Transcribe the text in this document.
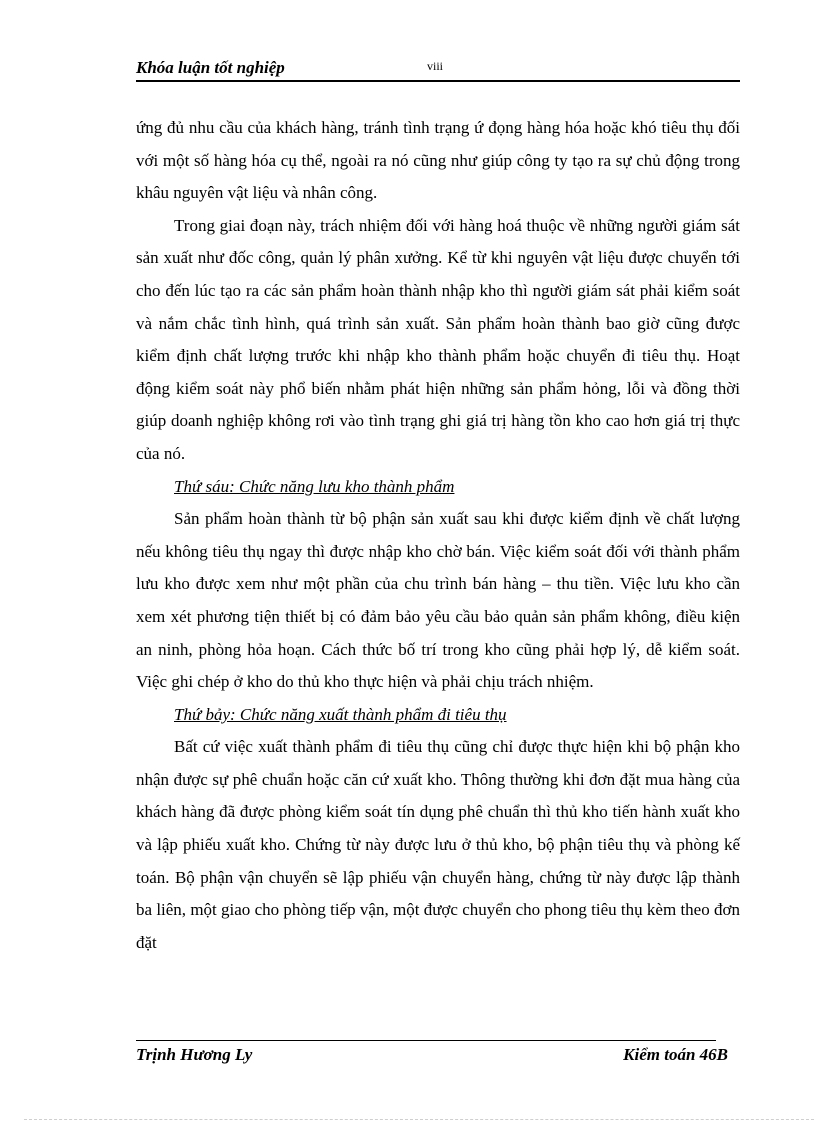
Khóa luận tốt nghiệp	viii

ứng đủ nhu cầu của khách hàng, tránh tình trạng ứ đọng hàng hóa hoặc khó tiêu thụ đối với một số hàng hóa cụ thể, ngoài ra nó cũng như giúp công ty tạo ra sự chủ động trong khâu nguyên vật liệu và nhân công.

Trong giai đoạn này, trách nhiệm đối với hàng hoá thuộc về những người giám sát sản xuất như đốc công, quản lý phân xưởng. Kể từ khi nguyên vật liệu được chuyển tới cho đến lúc tạo ra các sản phẩm hoàn thành nhập kho thì người giám sát phải kiểm soát và nắm chắc tình hình, quá trình sản xuất. Sản phẩm hoàn thành bao giờ cũng được kiểm định chất lượng trước khi nhập kho thành phẩm hoặc chuyển đi tiêu thụ. Hoạt động kiểm soát này phổ biến nhằm phát hiện những sản phẩm hỏng, lỗi và đồng thời giúp doanh nghiệp không rơi vào tình trạng ghi giá trị hàng tồn kho cao hơn giá trị thực của nó.

Thứ sáu: Chức năng lưu kho thành phẩm

Sản phẩm hoàn thành từ bộ phận sản xuất sau khi được kiểm định về chất lượng nếu không tiêu thụ ngay thì được nhập kho chờ bán. Việc kiểm soát đối với thành phẩm lưu kho được xem như một phần của chu trình bán hàng – thu tiền. Việc lưu kho cần xem xét phương tiện thiết bị có đảm bảo yêu cầu bảo quản sản phẩm không, điều kiện an ninh, phòng hỏa hoạn. Cách thức bố trí trong kho cũng phải hợp lý, dễ kiểm soát. Việc ghi chép ở kho do thủ kho thực hiện và phải chịu trách nhiệm.

Thứ bảy: Chức năng xuất thành phẩm đi tiêu thụ

Bất cứ việc xuất thành phẩm đi tiêu thụ cũng chỉ được thực hiện khi bộ phận kho nhận được sự phê chuẩn hoặc căn cứ xuất kho. Thông thường khi đơn đặt mua hàng của khách hàng đã được phòng kiểm soát tín dụng phê chuẩn thì thủ kho tiến hành xuất kho và lập phiếu xuất kho. Chứng từ này được lưu ở thủ kho, bộ phận tiêu thụ và phòng kế toán. Bộ phận vận chuyển sẽ lập phiếu vận chuyển hàng, chứng từ này được lập thành ba liên, một giao cho phòng tiếp vận, một được chuyển cho phong tiêu thụ kèm theo đơn đặt

Trịnh Hương Ly	Kiểm toán 46B
